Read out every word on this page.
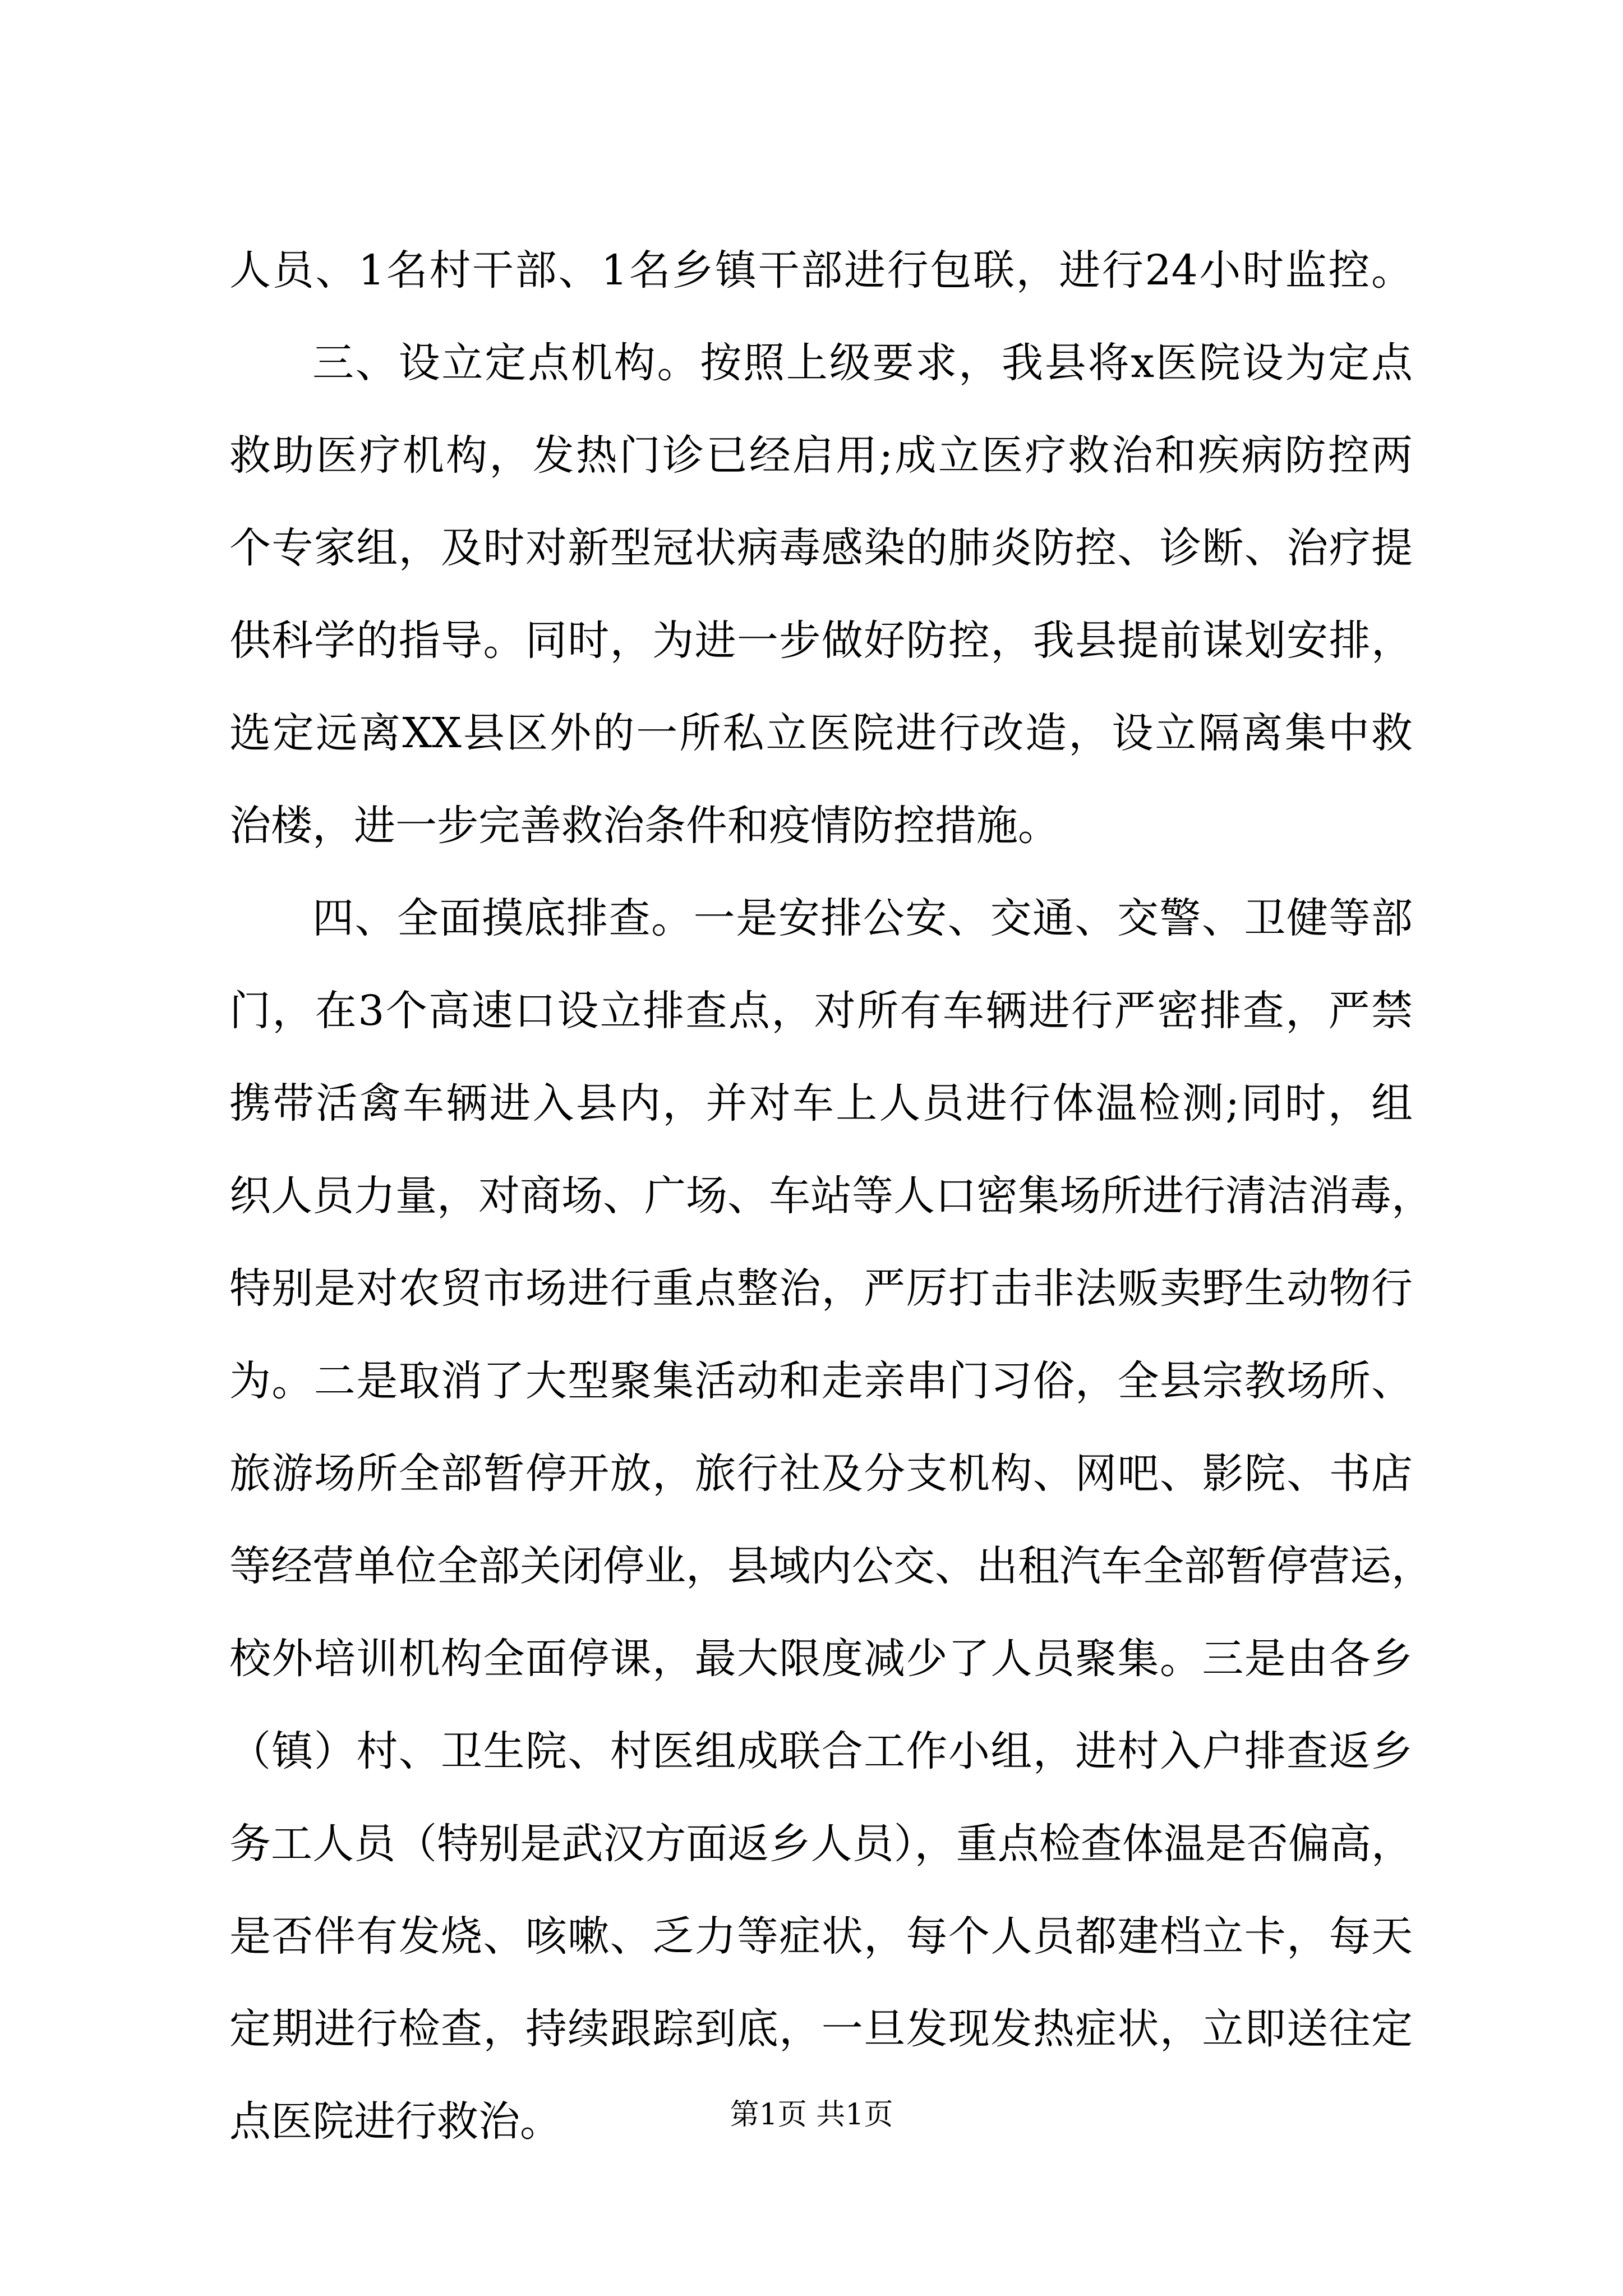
人员、1名村干部、1名乡镇干部进行包联，进行24小时监控。
三、设立定点机构。按照上级要求，我县将x医院设为定点
救助医疗机构，发热门诊已经启用;成立医疗救治和疾病防控两
个专家组，及时对新型冠状病毒感染的肺炎防控、诊断、治疗提
供科学的指导。同时，为进一步做好防控，我县提前谋划安排，
选定远离XX县区外的一所私立医院进行改造，设立隔离集中救
治楼，进一步完善救治条件和疫情防控措施。
四、全面摸底排查。一是安排公安、交通、交警、卫健等部
门，在3个高速口设立排查点，对所有车辆进行严密排查，严禁
携带活禽车辆进入县内，并对车上人员进行体温检测;同时，组
织人员力量，对商场、广场、车站等人口密集场所进行清洁消毒，
特别是对农贸市场进行重点整治，严厉打击非法贩卖野生动物行
为。二是取消了大型聚集活动和走亲串门习俗，全县宗教场所、
旅游场所全部暂停开放，旅行社及分支机构、网吧、影院、书店
等经营单位全部关闭停业，县域内公交、出租汽车全部暂停营运，
校外培训机构全面停课，最大限度减少了人员聚集。三是由各乡
（镇）村、卫生院、村医组成联合工作小组，进村入户排查返乡
务工人员（特别是武汉方面返乡人员），重点检查体温是否偏高，
是否伴有发烧、咳嗽、乏力等症状，每个人员都建档立卡，每天
定期进行检查，持续跟踪到底，一旦发现发热症状，立即送往定
点医院进行救治。	第1页 共1页
